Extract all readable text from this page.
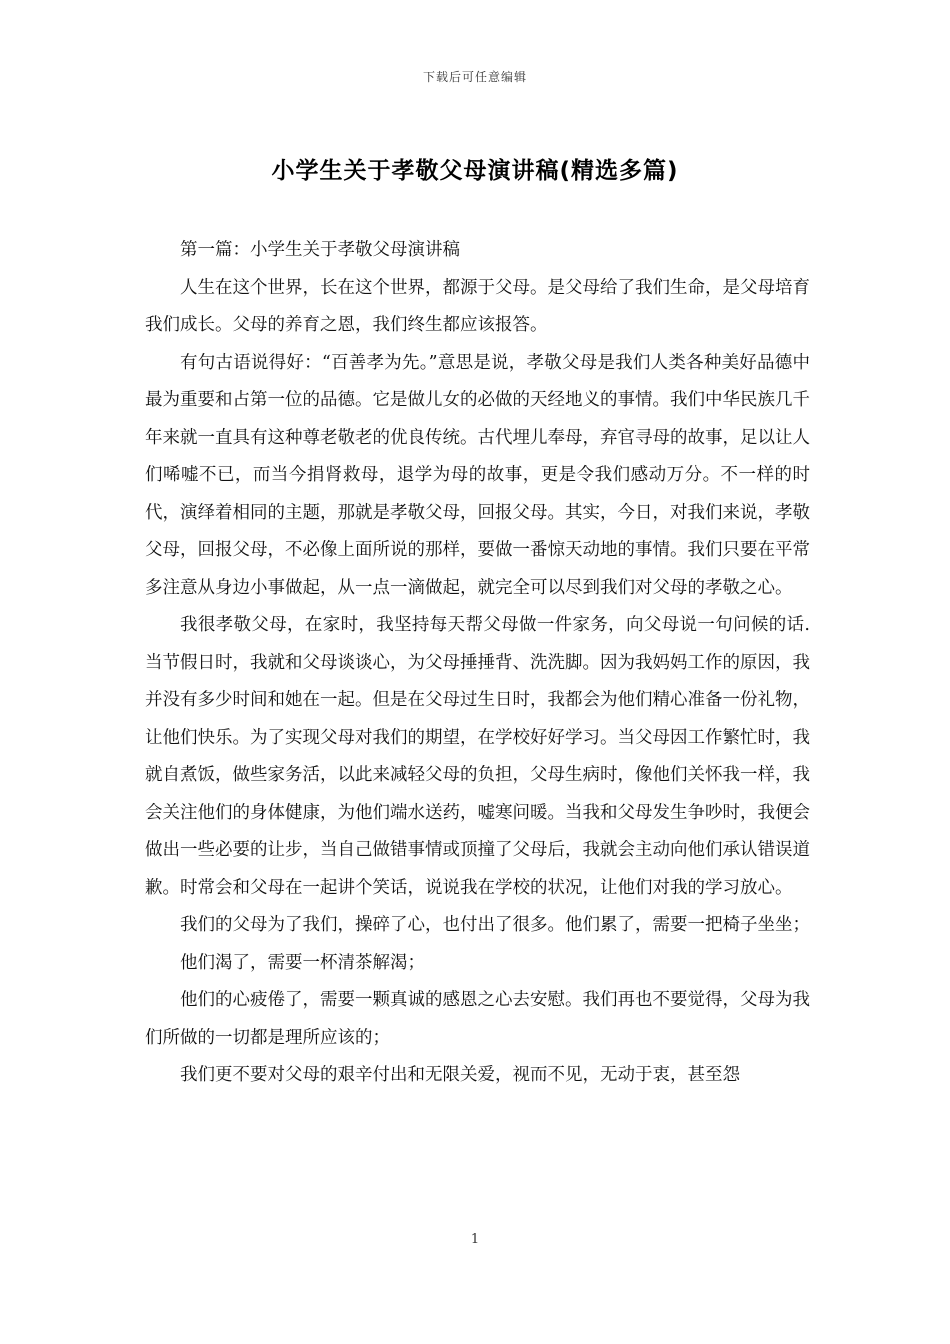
下载后可任意编辑
小学生关于孝敬父母演讲稿(精选多篇)

第一篇：小学生关于孝敬父母演讲稿

人生在这个世界，长在这个世界，都源于父母。是父母给了我们生命，是父母培育我们成长。父母的养育之恩，我们终生都应该报答。

有句古语说得好：“百善孝为先。”意思是说，孝敬父母是我们人类各种美好品德中最为重要和占第一位的品德。它是做儿女的必做的天经地义的事情。我们中华民族几千年来就一直具有这种尊老敬老的优良传统。古代埋儿奉母，弃官寻母的故事，足以让人们唏嘘不已，而当今捐肾救母，退学为母的故事，更是令我们感动万分。不一样的时代，演绎着相同的主题，那就是孝敬父母，回报父母。其实，今日，对我们来说，孝敬父母，回报父母，不必像上面所说的那样，要做一番惊天动地的事情。我们只要在平常多注意从身边小事做起，从一点一滴做起，就完全可以尽到我们对父母的孝敬之心。

我很孝敬父母，在家时，我坚持每天帮父母做一件家务，向父母说一句问候的话.当节假日时，我就和父母谈谈心，为父母捶捶背、洗洗脚。因为我妈妈工作的原因，我并没有多少时间和她在一起。但是在父母过生日时，我都会为他们精心准备一份礼物，让他们快乐。为了实现父母对我们的期望，在学校好好学习。当父母因工作繁忙时，我就自煮饭，做些家务活，以此来减轻父母的负担，父母生病时，像他们关怀我一样，我会关注他们的身体健康，为他们端水送药，嘘寒问暖。当我和父母发生争吵时，我便会做出一些必要的让步，当自己做错事情或顶撞了父母后，我就会主动向他们承认错误道歉。时常会和父母在一起讲个笑话，说说我在学校的状况，让他们对我的学习放心。

我们的父母为了我们，操碎了心，也付出了很多。他们累了，需要一把椅子坐坐；

他们渴了，需要一杯清茶解渴；

他们的心疲倦了，需要一颗真诚的感恩之心去安慰。我们再也不要觉得，父母为我们所做的一切都是理所应该的；

我们更不要对父母的艰辛付出和无限关爱，视而不见，无动于衷，甚至怨

1
